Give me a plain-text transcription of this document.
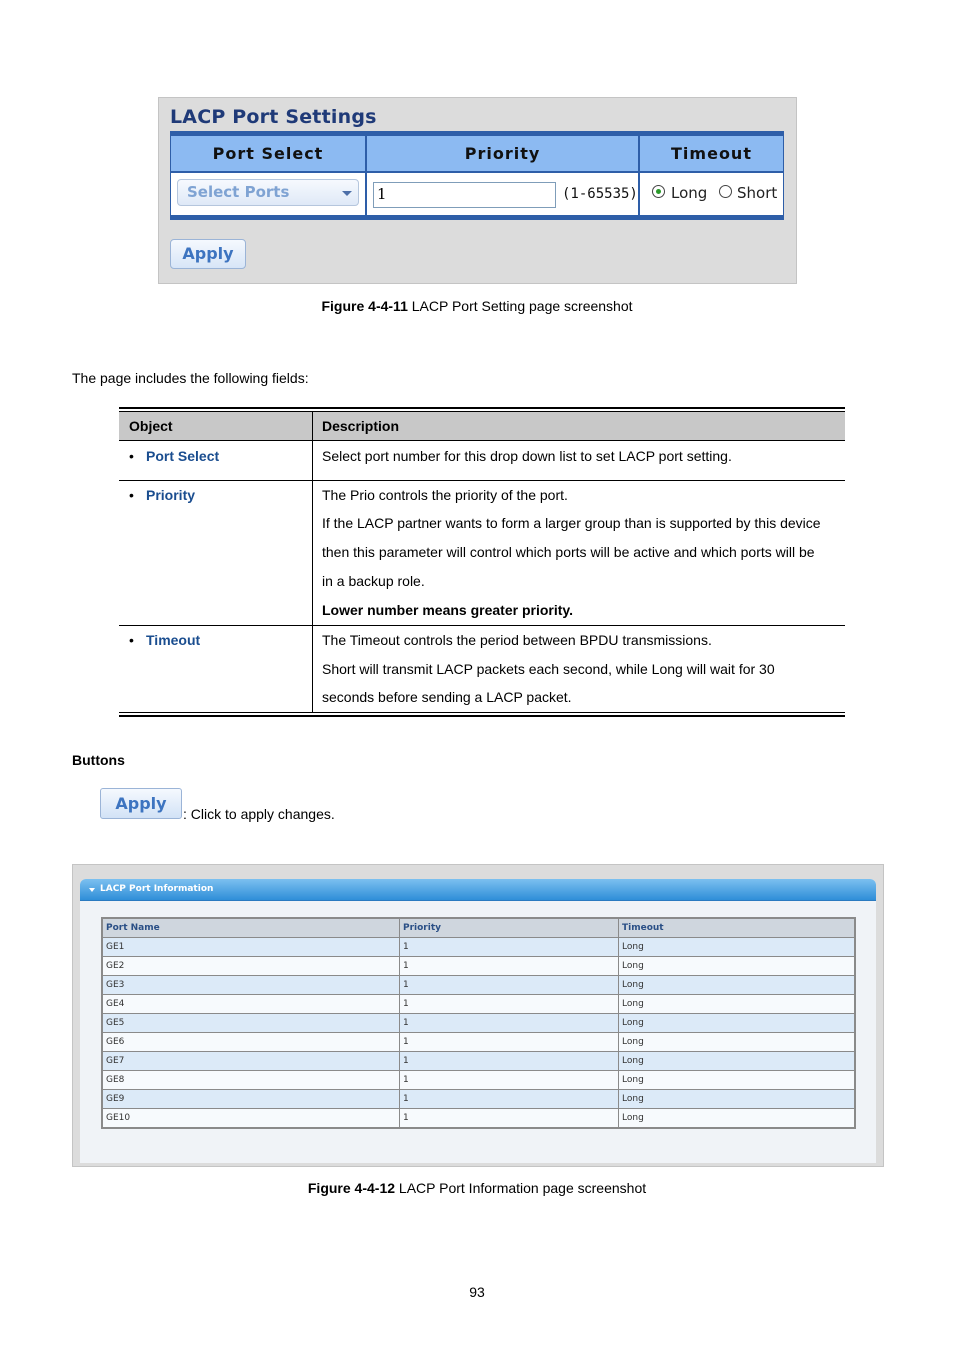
LACP Port Settings
Port Select	Priority	Timeout
Select Ports	1	(1-65535) Long Short
Apply
Figure 4-4-11 LACP Port Setting page screenshot
The page includes the following fields:
Object	Description
• Port Select	Select port number for this drop down list to set LACP port setting.
• Priority	The Prio controls the priority of the port.
If the LACP partner wants to form a larger group than is supported by this device
then this parameter will control which ports will be active and which ports will be
in a backup role.
Lower number means greater priority.
• Timeout	The Timeout controls the period between BPDU transmissions.
Short will transmit LACP packets each second, while Long will wait for 30
seconds before sending a LACP packet.
Buttons
Apply
: Click to apply changes.
LACP Port Information
Port Name	Priority	Timeout
GE1	1	Long
GE2	1	Long
GE3	1	Long
GE4	1	Long
GE5	1	Long
GE6	1	Long
GE7	1	Long
GE8	1	Long
GE9	1	Long
GE10	1	Long
Figure 4-4-12 LACP Port Information page screenshot
93
